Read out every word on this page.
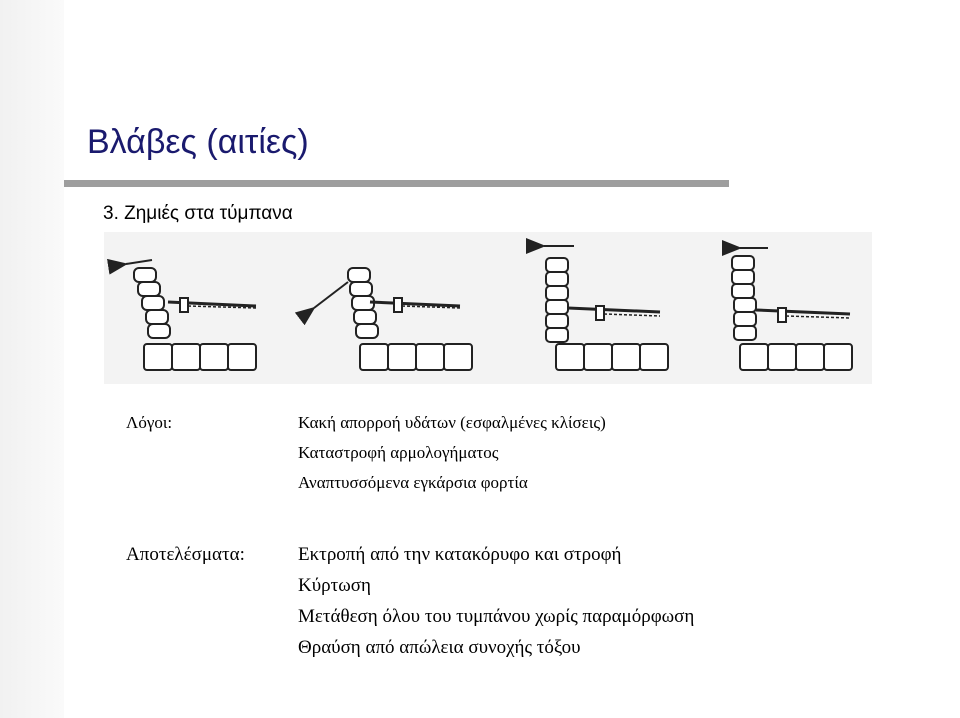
Βλάβες (αιτίες)
3. Ζημιές στα τύμπανα
Λόγοι:	Κακή απορροή υδάτων (εσφαλμένες κλίσεις)
Καταστροφή αρμολογήματος
Αναπτυσσόμενα εγκάρσια φορτία
Αποτελέσματα:	Εκτροπή από την κατακόρυφο και στροφή
Κύρτωση
Μετάθεση όλου του τυμπάνου χωρίς παραμόρφωση
Θραύση από απώλεια συνοχής τόξου
